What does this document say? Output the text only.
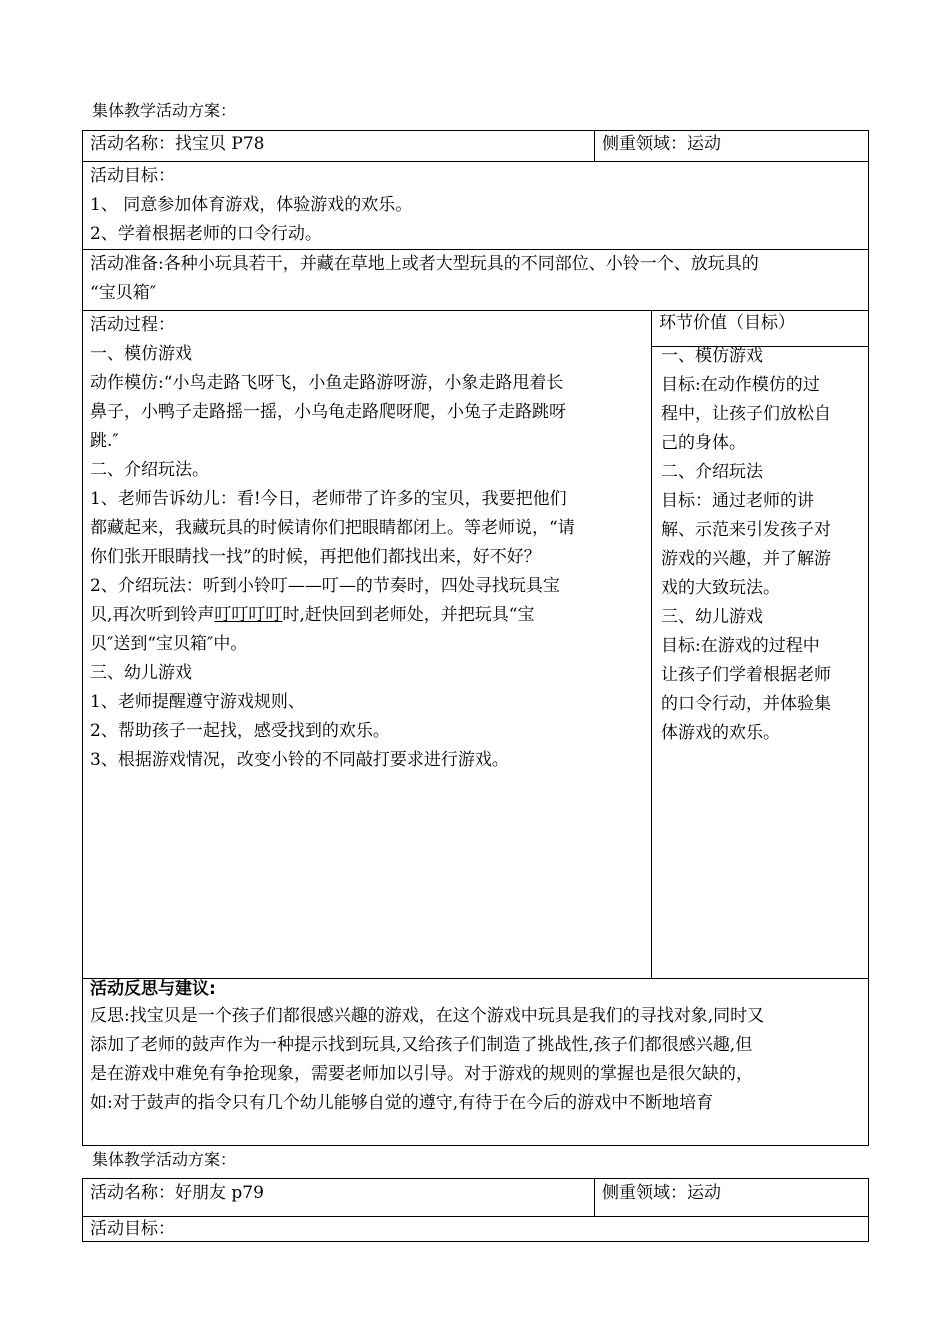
集体教学活动方案：
活动名称：找宝贝 P78	侧重领域：运动
活动目标：
1、 同意参加体育游戏，体验游戏的欢乐。
2、学着根据老师的口令行动。
活动准备:各种小玩具若干，并藏在草地上或者大型玩具的不同部位、小铃一个、放玩具的
“宝贝箱″
活动过程：
一、模仿游戏
动作模仿:“小鸟走路飞呀飞，小鱼走路游呀游，小象走路甩着长
鼻子，小鸭子走路摇一摇，小乌龟走路爬呀爬，小兔子走路跳呀
跳.″
二、介绍玩法。
1、老师告诉幼儿：看!今日，老师带了许多的宝贝，我要把他们
都藏起来，我藏玩具的时候请你们把眼睛都闭上。等老师说，“请
你们张开眼睛找一找”的时候，再把他们都找出来，好不好？
2、介绍玩法：听到小铃叮——叮—的节奏时，四处寻找玩具宝
贝,再次听到铃声叮叮叮叮时,赶快回到老师处，并把玩具“宝
贝″送到“宝贝箱″中。
三、幼儿游戏
1、老师提醒遵守游戏规则、
2、帮助孩子一起找，感受找到的欢乐。
3、根据游戏情况，改变小铃的不同敲打要求进行游戏。
环节价值（目标）
一、模仿游戏
目标:在动作模仿的过
程中，让孩子们放松自
己的身体。
二、介绍玩法
目标：通过老师的讲
解、示范来引发孩子对
游戏的兴趣，并了解游
戏的大致玩法。
三、幼儿游戏
目标:在游戏的过程中
让孩子们学着根据老师
的口令行动，并体验集
体游戏的欢乐。
活动反思与建议:
反思:找宝贝是一个孩子们都很感兴趣的游戏，在这个游戏中玩具是我们的寻找对象,同时又
添加了老师的鼓声作为一种提示找到玩具,又给孩子们制造了挑战性,孩子们都很感兴趣,但
是在游戏中难免有争抢现象，需要老师加以引导。对于游戏的规则的掌握也是很欠缺的，
如:对于鼓声的指令只有几个幼儿能够自觉的遵守,有待于在今后的游戏中不断地培育
集体教学活动方案：
活动名称：好朋友 p79	侧重领域：运动
活动目标：
